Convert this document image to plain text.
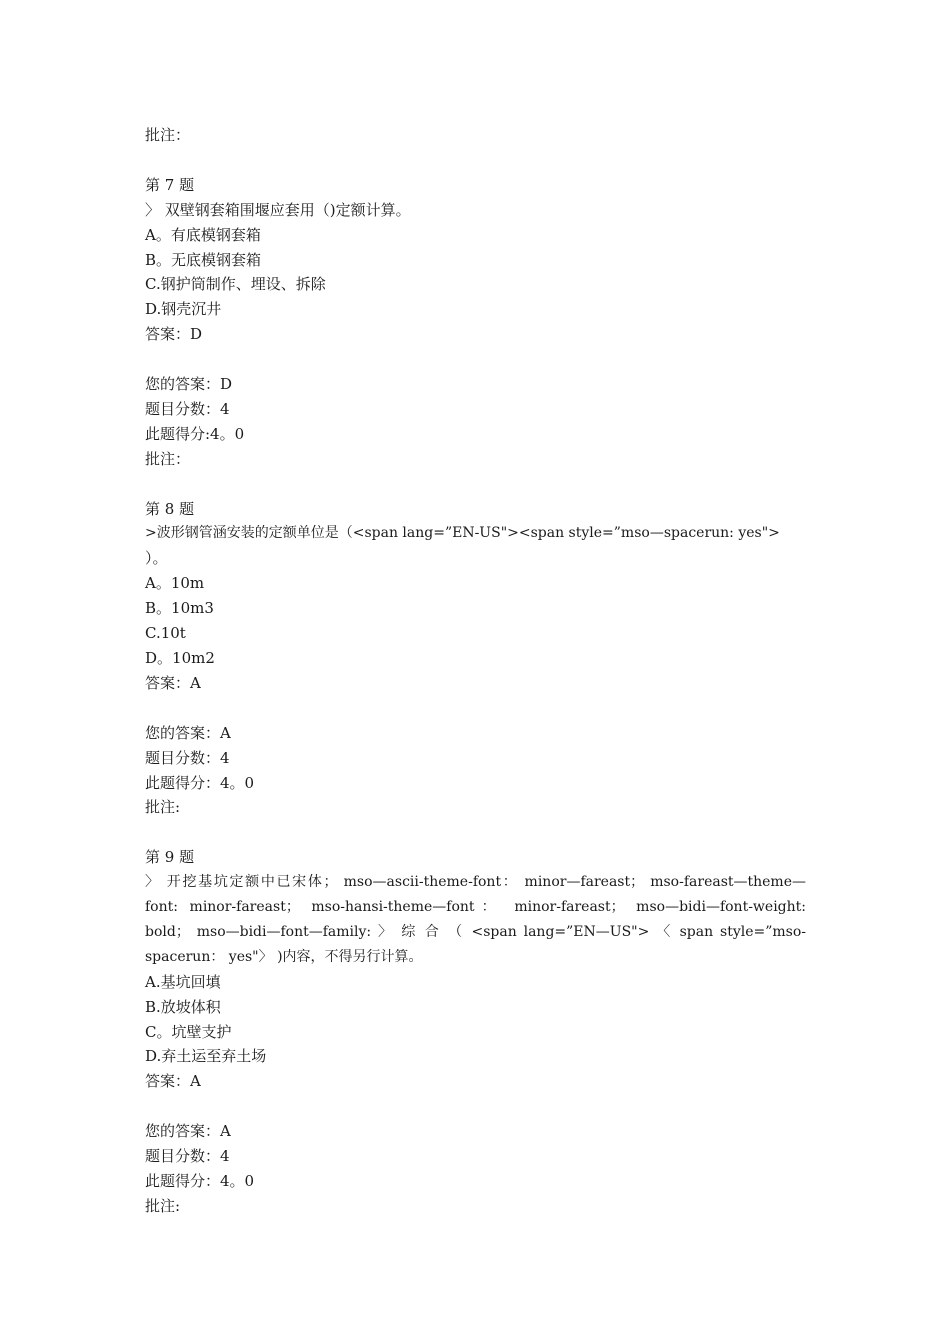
批注：
第 7 题
〉 双壁钢套箱围堰应套用（)定额计算。
A。有底模钢套箱
B。无底模钢套箱
C.钢护筒制作、埋设、拆除
D.钢壳沉井
答案：D
您的答案：D
题目分数：4
此题得分:4。0
批注：
第 8 题
>波形钢管涵安装的定额单位是（<span lang=”EN-US"><span style=”mso—spacerun: yes">
）。
A。10m
B。10m3
C.10t
D。10m2
答案：A
您的答案：A
题目分数：4
此题得分：4。0
批注:
第 9 题
〉 开挖基坑定额中已宋体； mso—ascii-theme-font： minor—fareast； mso-fareast—theme—font: minor-fareast； mso-hansi-theme—font： minor-fareast； mso—bidi—font-weight: bold； mso—bidi—font—family: 〉 综 合 （ <span lang=”EN—US"> 〈 span style=”mso-spacerun： yes"〉 )内容，不得另行计算。
A.基坑回填
B.放坡体积
C。坑壁支护
D.弃土运至弃土场
答案：A
您的答案：A
题目分数：4
此题得分：4。0
批注:
